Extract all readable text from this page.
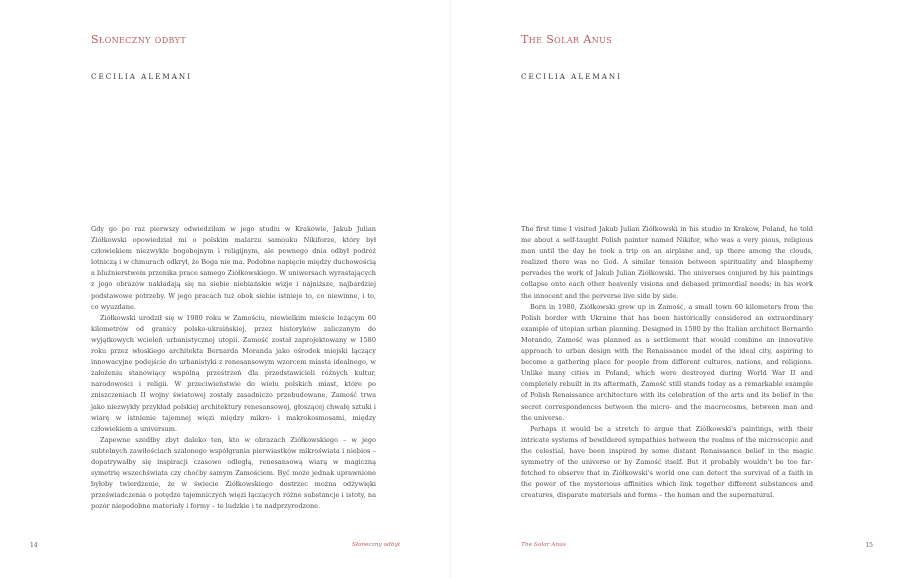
Słoneczny odbyt
CECILIA ALEMANI

Gdy go po raz pierwszy odwiedziłam w jego studiu w Krakowie, Jakub Julian Ziółkowski opowiedział mi o polskim malarzu samouku Nikiforze, który był człowiekiem niezwykle bogobojnym i religijnym, ale pewnego dnia odbył podróż lotniczą i w chmurach odkrył, że Boga nie ma. Podobne napięcie między duchowością a bluźnierstwem przenika prace samego Ziółkowskiego. W uniwersach wyrastających z jego obrazów nakładają się na siebie niebiańskie wizje i najniższe, najbardziej podstawowe potrzeby. W jego pracach tuż obok siebie istnieje to, co niewinne, i to, co wyuzdane.

Ziółkowski urodził się w 1980 roku w Zamościu, niewielkim mieście leżącym 60 kilometrów od granicy polsko-ukraińskiej, przez historyków zaliczanym do wyjątkowych wcieleń urbanistycznej utopii. Zamość został zaprojektowany w 1580 roku przez włoskiego architekta Bernarda Moranda jako ośrodek miejski łączący innowacyjne podejście do urbanistyki z renesansowym wzorcem miasta idealnego, w założeniu stanowiący wspólną przestrzeń dla przedstawicieli różnych kultur, narodowości i religii. W przeciwieństwie do wielu polskich miast, które po zniszczeniach II wojny światowej zostały zasadniczo przebudowane, Zamość trwa jako niezwykły przykład polskiej architektury renesansowej, głoszącej chwałę sztuki i wiarę w istnienie tajemnej więzi między mikro- i makrokosmosami, między człowiekiem a universum.

Zapewne szedłby zbyt daleko ten, kto w obrazach Ziółkowskiego – w jego subtelnych zawiłościach szalonego współgrania pierwiastków mikroświata i niebios – dopatrywałby się inspiracji czasowo odległą, renesansową wiarą w magiczną symetrię wszechświata czy choćby samym Zamościem. Być może jednak uprawnione byłoby twierdzenie, że w świecie Ziółkowskiego dostrzec można odżywięki przeświadczenia o potędze tajemniczych więzi łączących różne substancje i istoty, na pozór niepodobne materiały i formy – te ludzkie i te nadprzyrodzone.

14	Słoneczny odbyt
The Solar Anus
CECILIA ALEMANI

The first time I visited Jakub Julian Ziółkowski in his studio in Krakow, Poland, he told me about a self-taught Polish painter named Nikifor, who was a very pious, religious man until the day he took a trip on an airplane and, up there among the clouds, realized there was no God. A similar tension between spirituality and blasphemy pervades the work of Jakub Julian Ziółkowski. The universes conjured by his paintings collapse onto each other heavenly visions and debased primordial needs; in his work the innocent and the perverse live side by side.

Born in 1980, Ziółkowski grew up in Zamość, a small town 60 kilometers from the Polish border with Ukraine that has been historically considered an extraordinary example of utopian urban planning. Designed in 1580 by the Italian architect Bernardo Morando, Zamość was planned as a settlement that would combine an innovative approach to urban design with the Renaissance model of the ideal city, aspiring to become a gathering place for people from different cultures, nations, and religions. Unlike many cities in Poland, which were destroyed during World War II and completely rebuilt in its aftermath, Zamość still stands today as a remarkable example of Polish Renaissance architecture with its celebration of the arts and its belief in the secret correspondences between the micro- and the macrocosms, between man and the universe.

Perhaps it would be a stretch to argue that Ziółkowski's paintings, with their intricate systems of bewildered sympathies between the realms of the microscopic and the celestial, have been inspired by some distant Renaissance belief in the magic symmetry of the universe or by Zamość itself. But it probably wouldn't be too far-fetched to observe that in Ziółkowski's world one can detect the survival of a faith in the power of the mysterious affinities which link together different substances and creatures, disparate materials and forms – the human and the supernatural.

The Solar Anus	15
